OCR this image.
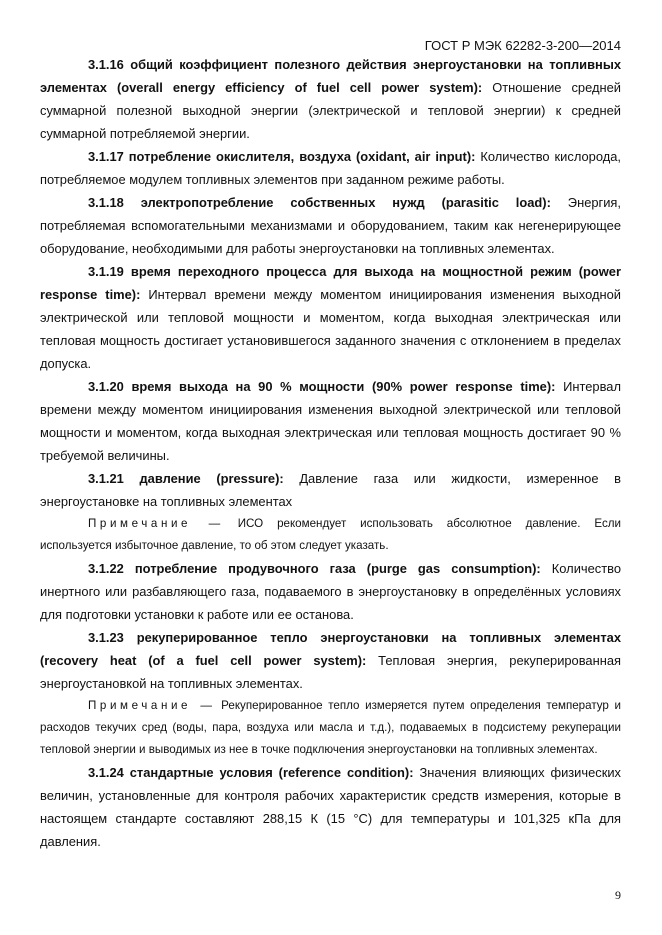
ГОСТ Р МЭК 62282-3-200—2014

3.1.16 общий коэффициент полезного действия энергоустановки на топливных элементах (overall energy efficiency of fuel cell power system): Отношение средней суммарной полезной выходной энергии (электрической и тепловой энергии) к средней суммарной потребляемой энергии.

3.1.17 потребление окислителя, воздуха (oxidant, air input): Количество кислорода, потребляемое модулем топливных элементов при заданном режиме работы.

3.1.18 электропотребление собственных нужд (parasitic load): Энергия, потребляемая вспомогательными механизмами и оборудованием, таким как негенерирующее оборудование, необходимыми для работы энергоустановки на топливных элементах.

3.1.19 время переходного процесса для выхода на мощностной режим (power response time): Интервал времени между моментом инициирования изменения выходной электрической или тепловой мощности и моментом, когда выходная электрическая или тепловая мощность достигает установившегося заданного значения с отклонением в пределах допуска.

3.1.20 время выхода на 90 % мощности (90% power response time): Интервал времени между моментом инициирования изменения выходной электрической или тепловой мощности и моментом, когда выходная электрическая или тепловая мощность достигает 90 % требуемой величины.

3.1.21 давление (pressure): Давление газа или жидкости, измеренное в энергоустановке на топливных элементах

Примечание — ИСО рекомендует использовать абсолютное давление. Если используется избыточное давление, то об этом следует указать.

3.1.22 потребление продувочного газа (purge gas consumption): Количество инертного или разбавляющего газа, подаваемого в энергоустановку в определённых условиях для подготовки установки к работе или ее останова.

3.1.23 рекуперированное тепло энергоустановки на топливных элементах (recovery heat (of a fuel cell power system): Тепловая энергия, рекуперированная энергоустановкой на топливных элементах.

Примечание — Рекуперированное тепло измеряется путем определения температур и расходов текучих сред (воды, пара, воздуха или масла и т.д.), подаваемых в подсистему рекуперации тепловой энергии и выводимых из нее в точке подключения энергоустановки на топливных элементах.

3.1.24 стандартные условия (reference condition): Значения влияющих физических величин, установленные для контроля рабочих характеристик средств измерения, которые в настоящем стандарте составляют 288,15 К (15 °С) для температуры и 101,325 кПа для давления.

9
